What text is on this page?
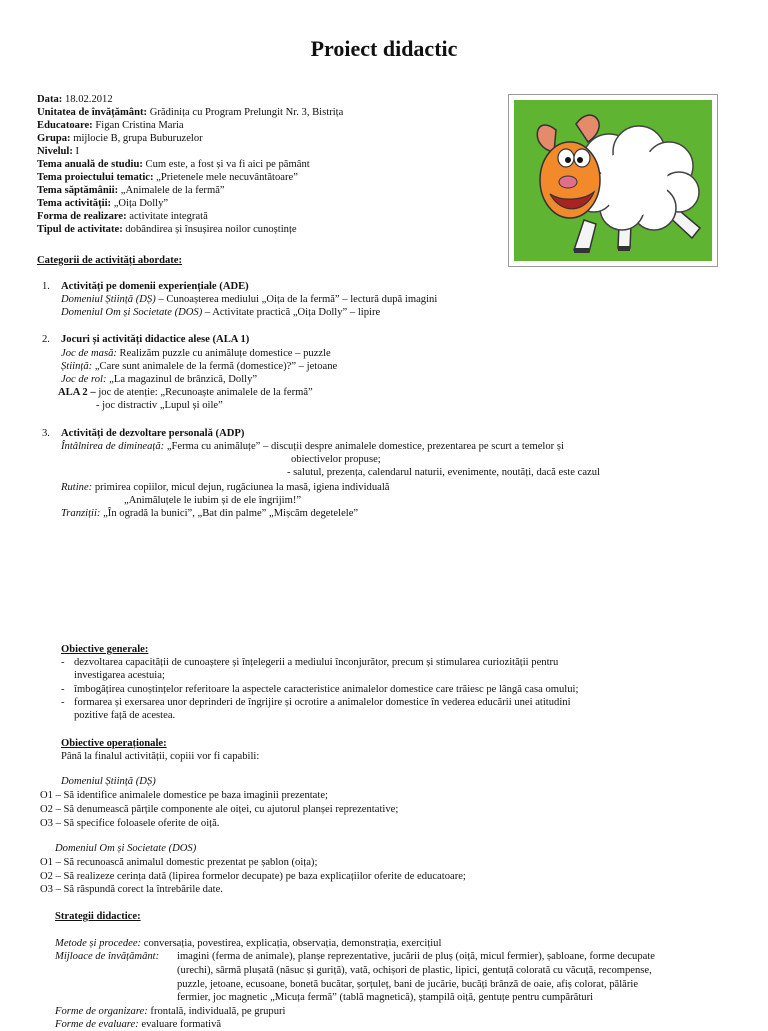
Proiect didactic
Data: 18.02.2012
Unitatea de învățământ: Grădinița cu Program Prelungit Nr. 3, Bistrița
Educatoare: Figan Cristina Maria
Grupa: mijlocie B, grupa Buburuzelor
Nivelul: I
Tema anuală de studiu: Cum este, a fost și va fi aici pe pământ
Tema proiectului tematic: „Prietenele mele necuvântătoare”
Tema săptămânii: „Animalele de la fermă”
Tema activității: „Oița Dolly”
Forma de realizare: activitate integrată
Tipul de activitate: dobândirea și însușirea noilor cunoștințe
Categorii de activități abordate:
1. Activități pe domenii experiențiale (ADE)
Domeniul Știință (DȘ) – Cunoașterea mediului „Oița de la fermă” – lectură după imagini
Domeniul Om și Societate (DOS) – Activitate practică „Oița Dolly” – lipire
2. Jocuri și activități didactice alese (ALA 1)
Joc de masă: Realizăm puzzle cu animăluțe domestice – puzzle
Știință: „Care sunt animalele de la fermă (domestice)?” – jetoane
Joc de rol: „La magazinul de brânzică, Dolly”
ALA 2 – joc de atenție: „Recunoaște animalele de la fermă”
- joc distractiv „Lupul și oile”
3. Activități de dezvoltare personală (ADP)
Întâlnirea de dimineață: „Ferma cu animăluțe” – discuții despre animalele domestice, prezentarea pe scurt a temelor și
obiectivelor propuse;
- salutul, prezența, calendarul naturii, evenimente, noutăți, dacă este cazul
Rutine: primirea copiilor, micul dejun, rugăciunea la masă, igiena individuală
„Animăluțele le iubim și de ele îngrijim!”
Tranziții: „În ogradă la bunici”, „Bat din palme” „Mișcăm degetelele”
Obiective generale:
- dezvoltarea capacității de cunoaștere și înțelegerii a mediului înconjurător, precum și stimularea curiozității pentru
investigarea acestuia;
- îmbogățirea cunoștințelor referitoare la aspectele caracteristice animalelor domestice care trăiesc pe lângă casa omului;
- formarea și exersarea unor deprinderi de îngrijire și ocrotire a animalelor domestice în vederea educării unei atitudini
pozitive față de acestea.
Obiective operaționale:
Până la finalul activității, copiii vor fi capabili:
Domeniul Știință (DȘ)
O1 – Să identifice animalele domestice pe baza imaginii prezentate;
O2 – Să denumească părțile componente ale oiței, cu ajutorul planșei reprezentative;
O3 – Să specifice foloasele oferite de oiță.
Domeniul Om și Societate (DOS)
O1 – Să recunoască animalul domestic prezentat pe șablon (oița);
O2 – Să realizeze cerința dată (lipirea formelor decupate) pe baza explicațiilor oferite de educatoare;
O3 – Să răspundă corect la întrebările date.
Strategii didactice:
Metode și procedee: conversația, povestirea, explicația, observația, demonstrația, exercițiul
Mijloace de învățământ: imagini (ferma de animale), planșe reprezentative, jucării de pluș (oiță, micul fermier), șabloane, forme decupate
(urechi), sârmă plușată (năsuc și guriță), vată, ochișori de plastic, lipici, gentuță colorată cu văcuță, recompense,
puzzle, jetoane, ecusoane, bonetă bucătar, șorțuleț, bani de jucărie, bucăți brânză de oaie, afiș colorat, pălărie
fermier, joc magnetic „Micuța fermă” (tablă magnetică), ștampilă oiță, gentuțe pentru cumpărături
Forme de organizare: frontală, individuală, pe grupuri
Forme de evaluare: evaluare formativă
